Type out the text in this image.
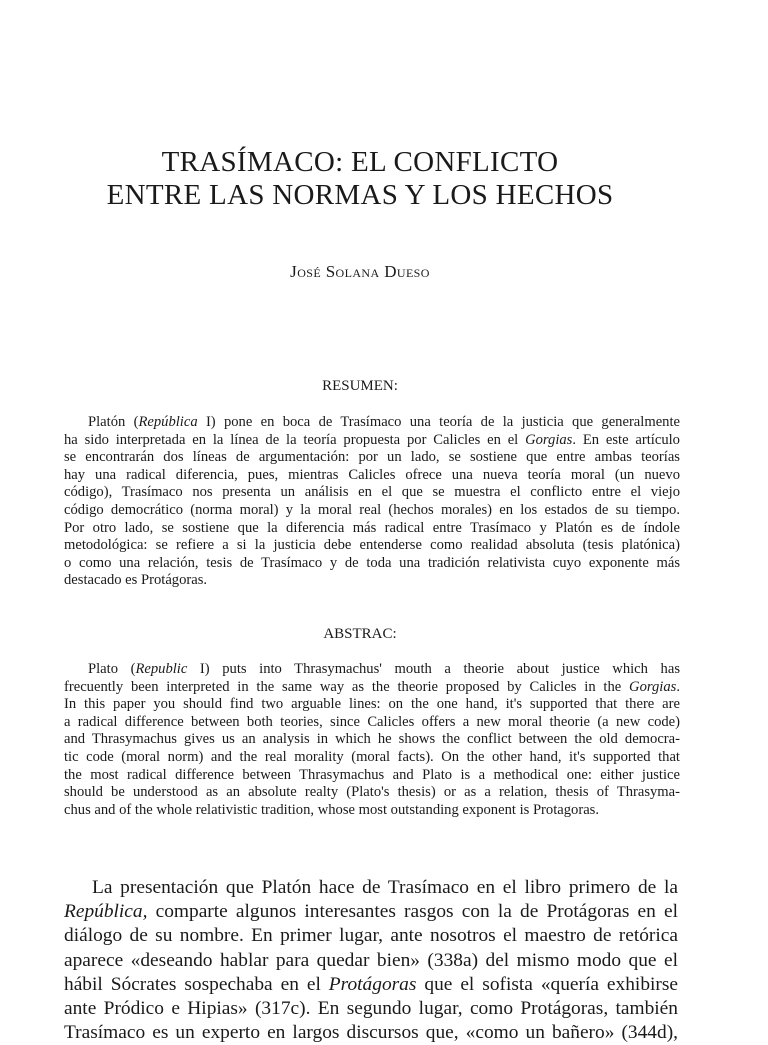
TRASÍMACO: EL CONFLICTO
ENTRE LAS NORMAS Y LOS HECHOS
José Solana Dueso
RESUMEN:

Platón (República I) pone en boca de Trasímaco una teoría de la justicia que generalmente
ha sido interpretada en la línea de la teoría propuesta por Calicles en el Gorgias. En este artículo
se encontrarán dos líneas de argumentación: por un lado, se sostiene que entre ambas teorías
hay una radical diferencia, pues, mientras Calicles ofrece una nueva teoría moral (un nuevo
código), Trasímaco nos presenta un análisis en el que se muestra el conflicto entre el viejo
código democrático (norma moral) y la moral real (hechos morales) en los estados de su tiempo.
Por otro lado, se sostiene que la diferencia más radical entre Trasímaco y Platón es de índole
metodológica: se refiere a si la justicia debe entenderse como realidad absoluta (tesis platónica)
o como una relación, tesis de Trasímaco y de toda una tradición relativista cuyo exponente más
destacado es Protágoras.

ABSTRAC:

Plato (Republic I) puts into Thrasymachus' mouth a theorie about justice which has
frecuently been interpreted in the same way as the theorie proposed by Calicles in the Gorgias.
In this paper you should find two arguable lines: on the one hand, it's supported that there are
a radical difference between both teories, since Calicles offers a new moral theorie (a new code)
and Thrasymachus gives us an analysis in which he shows the conflict between the old democra-
tic code (moral norm) and the real morality (moral facts). On the other hand, it's supported that
the most radical difference between Thrasymachus and Plato is a methodical one: either justice
should be understood as an absolute realty (Plato's thesis) or as a relation, thesis of Thrasyma-
chus and of the whole relativistic tradition, whose most outstanding exponent is Protagoras.

La presentación que Platón hace de Trasímaco en el libro primero de la
República, comparte algunos interesantes rasgos con la de Protágoras en el
diálogo de su nombre. En primer lugar, ante nosotros el maestro de retórica
aparece «deseando hablar para quedar bien» (338a) del mismo modo que el
hábil Sócrates sospechaba en el Protágoras que el sofista «quería exhibirse
ante Pródico e Hipias» (317c). En segundo lugar, como Protágoras, también
Trasímaco es un experto en largos discursos que, «como un bañero» (344d),
